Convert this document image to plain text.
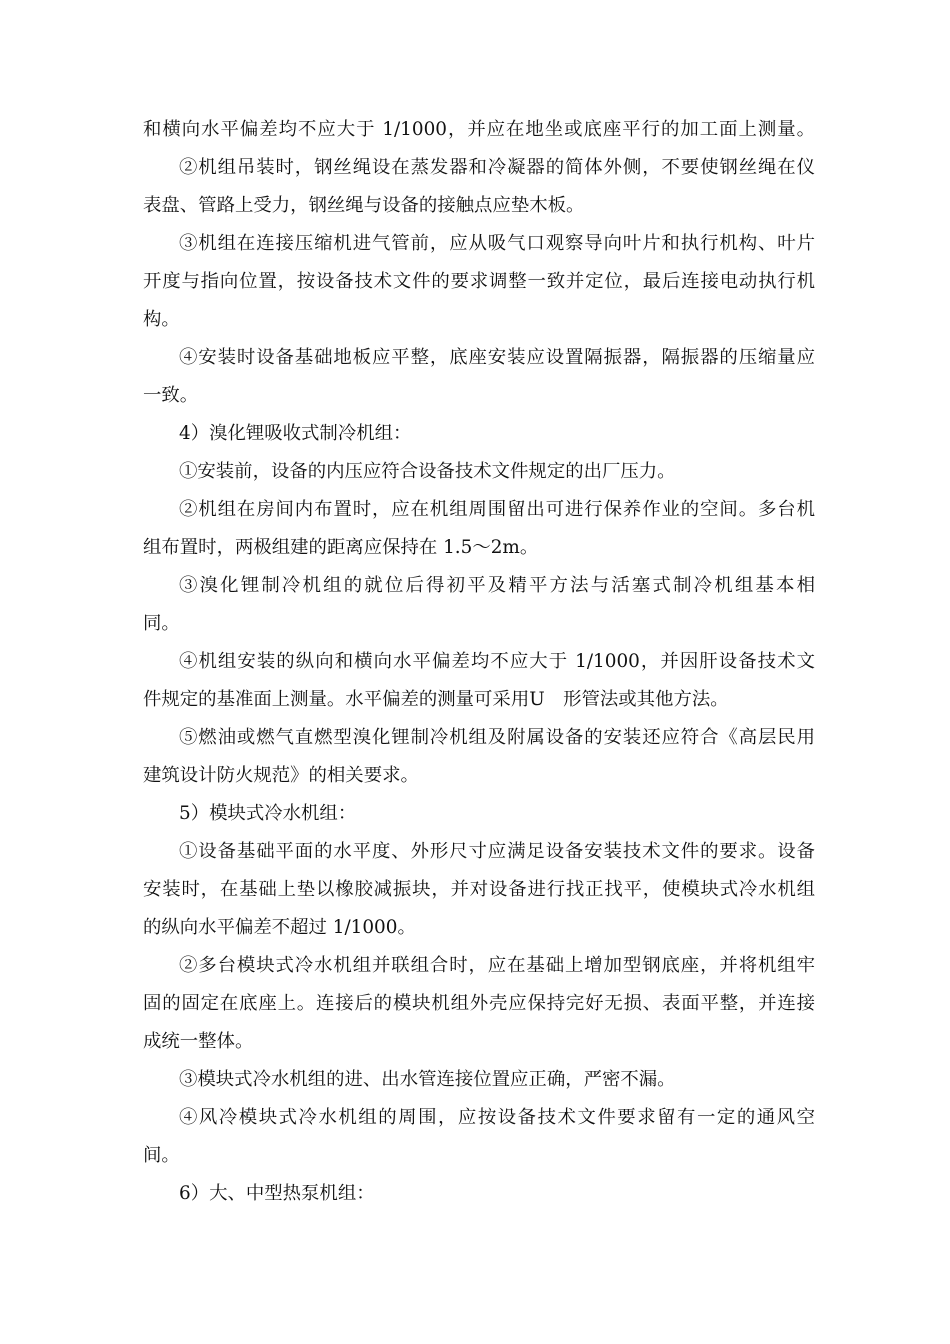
和横向水平偏差均不应大于 1/1000，并应在地坐或底座平行的加工面上测量。
②机组吊装时，钢丝绳设在蒸发器和冷凝器的简体外侧，不要使钢丝绳在仪
表盘、管路上受力，钢丝绳与设备的接触点应垫木板。
③机组在连接压缩机进气管前，应从吸气口观察导向叶片和执行机构、叶片
开度与指向位置，按设备技术文件的要求调整一致并定位，最后连接电动执行机
构。
④安装时设备基础地板应平整，底座安装应设置隔振器，隔振器的压缩量应
一致。
4）溴化锂吸收式制冷机组：
①安装前，设备的内压应符合设备技术文件规定的出厂压力。
②机组在房间内布置时，应在机组周围留出可进行保养作业的空间。多台机
组布置时，两极组建的距离应保持在 1.5～2m。
③溴化锂制冷机组的就位后得初平及精平方法与活塞式制冷机组基本相
同。
④机组安装的纵向和横向水平偏差均不应大于 1/1000，并因肝设备技术文
件规定的基准面上测量。水平偏差的测量可采用U　形管法或其他方法。
⑤燃油或燃气直燃型溴化锂制冷机组及附属设备的安装还应符合《高层民用
建筑设计防火规范》的相关要求。
5）模块式冷水机组：
①设备基础平面的水平度、外形尺寸应满足设备安装技术文件的要求。设备
安装时，在基础上垫以橡胶减振块，并对设备进行找正找平，使模块式冷水机组
的纵向水平偏差不超过 1/1000。
②多台模块式冷水机组并联组合时，应在基础上增加型钢底座，并将机组牢
固的固定在底座上。连接后的模块机组外壳应保持完好无损、表面平整，并连接
成统一整体。
③模块式冷水机组的进、出水管连接位置应正确，严密不漏。
④风冷模块式冷水机组的周围，应按设备技术文件要求留有一定的通风空
间。
6）大、中型热泵机组：
